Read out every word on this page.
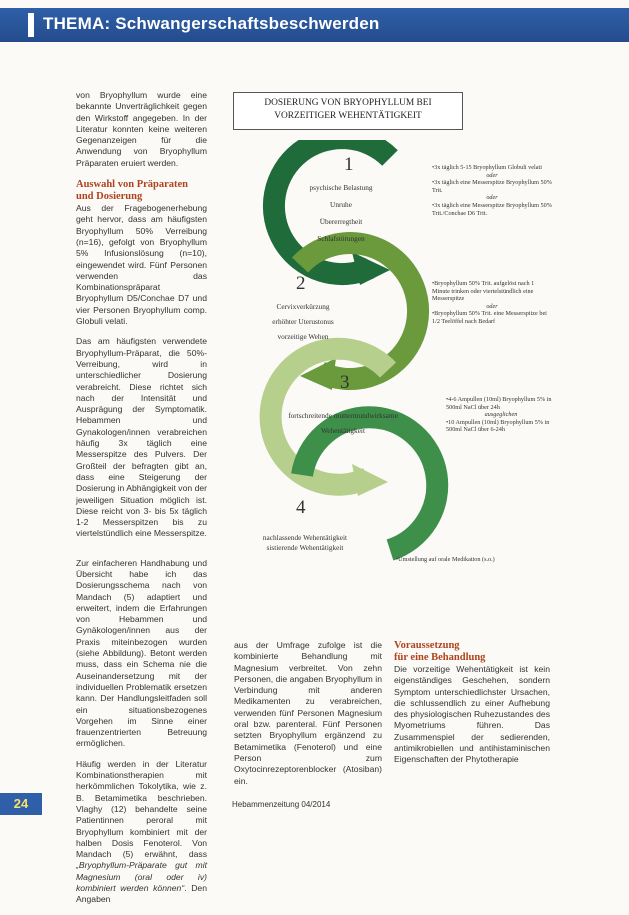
THEMA: Schwangerschaftsbeschwerden

von Bryophyllum wurde eine bekannte Unverträglichkeit gegen den Wirkstoff angegeben. In der Literatur konnten keine weiteren Gegenanzeigen für die Anwendung von Bryophyllum Präparaten eruiert werden.

Auswahl von Präparaten
und Dosierung

Aus der Fragebogenerhebung geht hervor, dass am häufigsten Bryophyllum 50% Verreibung (n=16), gefolgt von Bryophyllum 5% Infusionslösung (n=10), eingewendet wird. Fünf Personen verwenden das Kombinationspräparat Bryophyllum D5/Conchae D7 und vier Personen Bryophyllum comp. Globuli velati.

Das am häufigsten verwendete Bryophyllum-Präparat, die 50%-Verreibung, wird in unterschiedlicher Dosierung verabreicht. Diese richtet sich nach der Intensität und Ausprägung der Symptomatik. Hebammen und Gynakologen/innen verabreichen häufig 3x täglich eine Messerspitze des Pulvers. Der Großteil der befragten gibt an, dass eine Steigerung der Dosierung in Abhängigkeit von der jeweiligen Situation möglich ist. Diese reicht von 3- bis 5x täglich 1-2 Messerspitzen bis zu viertelstündlich eine Messerspitze.

Zur einfacheren Handhabung und Übersicht habe ich das Dosierungsschema nach von Mandach (5) adaptiert und erweitert, indem die Erfahrungen von Hebammen und Gynäkologen/innen aus der Praxis miteinbezogen wurden (siehe Abbildung). Betont werden muss, dass ein Schema nie die Auseinandersetzung mit der individuellen Problematik ersetzen kann. Der Handlungsleitfaden soll ein situationsbezogenes Vorgehen im Sinne einer frauenzentrierten Betreuung ermöglichen.

Häufig werden in der Literatur Kombinationstherapien mit herkömmlichen Tokolytika, wie z. B. Betamimetika beschrieben. Vlaghy (12) behandelte seine Patientinnen peroral mit Bryophyllum kombiniert mit der halben Dosis Fenoterol. Von Mandach (5) erwähnt, dass „Bryophyllum-Präparate gut mit Magnesium (oral oder iv) kombiniert werden können“. Den Angaben

DOSIERUNG VON BRYOPHYLLUM BEI VORZEITIGER WEHENTÄTIGKEIT
1
psychische Belastung
Unruhe
Übererregtheit
Schlafstörungen
2
Cervixverkürzung
erhöhter Uterustonus
vorzeitige Wehen
3
fortschreitende muttermundwirksame
Wehentätigkeit
4
nachlassende Wehentätigkeit
sistierende Wehentätigkeit
•3x täglich 5-15 Bryophyllum Globuli velati
oder
•3x täglich eine Messerspitze Bryophyllum 50% Trit.
oder
•3x täglich eine Messerspitze Bryophyllum 50% Trit./Conchae D6 Trit.
•Bryophyllum 50% Trit. aufgelöst nach 1 Minute trinken oder viertelstündlich eine Messerspitze
oder
•Bryophyllum 50% Trit. eine Messerspitze bei 1/2 Teelöffel nach Bedarf
•4-6 Ampullen (10ml) Bryophyllum 5% in 500ml NaCl über 24h
ausgeglichen
•10 Ampullen (10ml) Bryophyllum 5% in 500ml NaCl über 6-24h
•Umstellung auf orale Medikation (s.o.)

aus der Umfrage zufolge ist die kombinierte Behandlung mit Magnesium verbreitet. Von zehn Personen, die angaben Bryophyllum in Verbindung mit anderen Medikamenten zu verabreichen, verwenden fünf Personen Magnesium oral bzw. parenteral. Fünf Personen setzten Bryophyllum ergänzend zu Betamimetika (Fenoterol) und eine Person zum Oxytocinrezeptorenblocker (Atosiban) ein.

Voraussetzung
für eine Behandlung

Die vorzeitige Wehentätigkeit ist kein eigenständiges Geschehen, sondern Symptom unterschiedlichster Ursachen, die schlussendlich zu einer Aufhebung des physiologischen Ruhezustandes des Myometriums führen. Das Zusammenspiel der sedierenden, antimikrobiellen und antihistaminischen Eigenschaften der Phytotherapie

24	Hebammenzeitung 04/2014
